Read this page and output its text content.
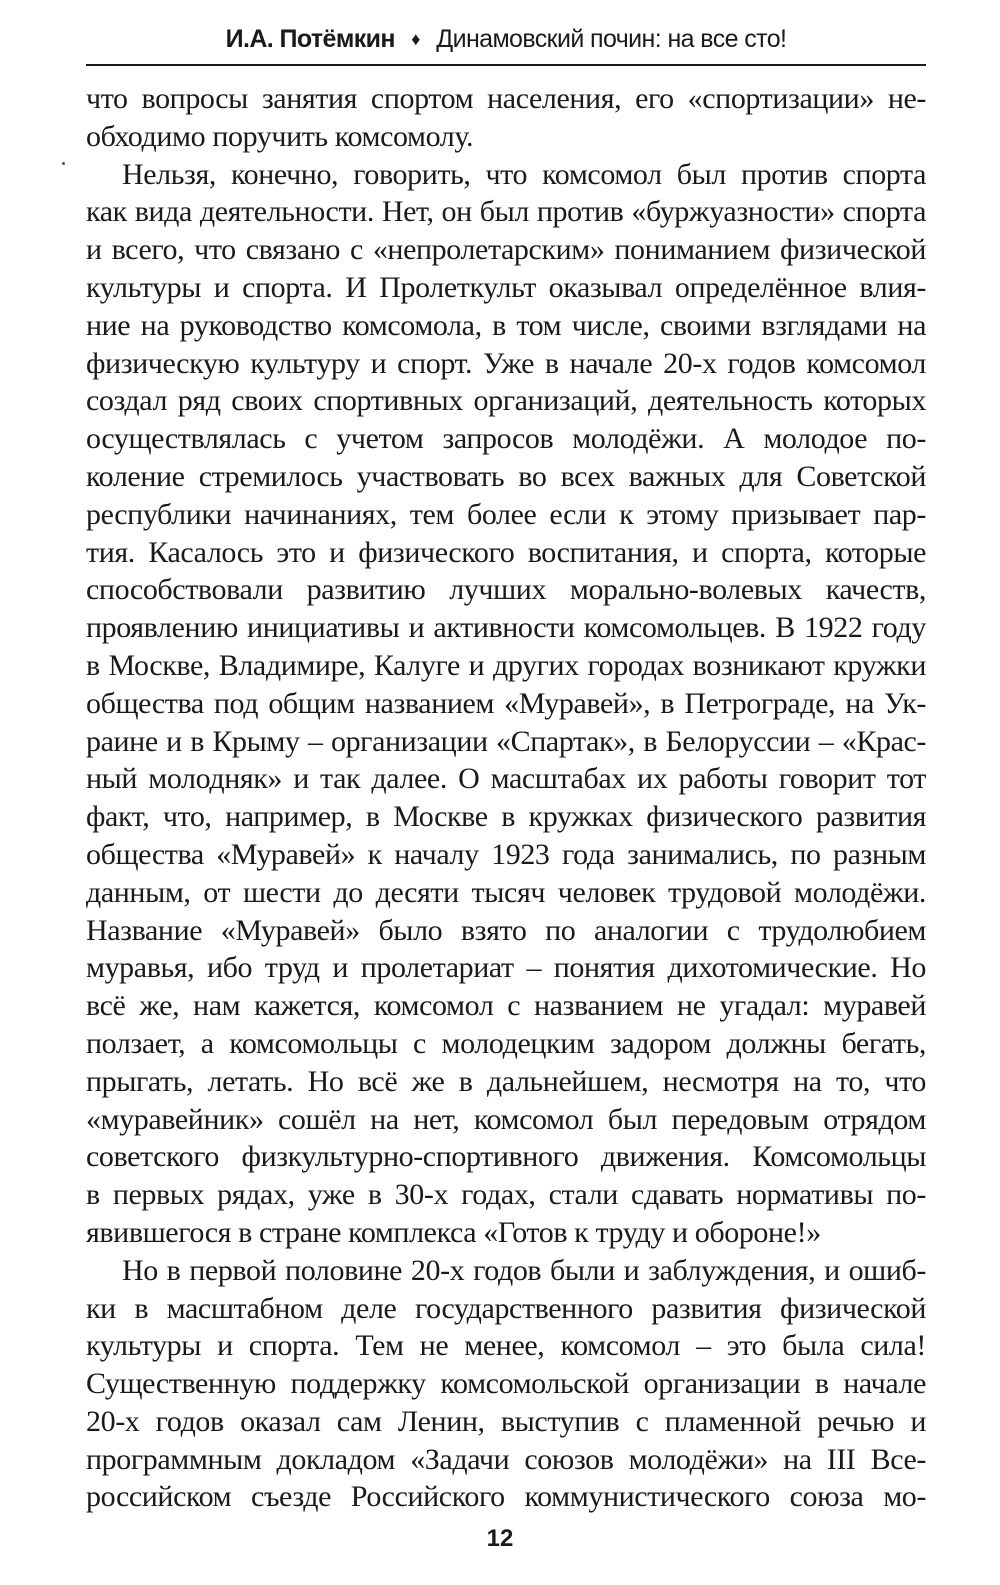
И.А. Потёмкин ♦ Динамовский почин: на все сто!
что вопросы занятия спортом населения, его «спортизации» не-
обходимо поручить комсомолу.
Нельзя, конечно, говорить, что комсомол был против спорта
как вида деятельности. Нет, он был против «буржуазности» спорта
и всего, что связано с «непролетарским» пониманием физической
культуры и спорта. И Пролеткульт оказывал определённое влия-
ние на руководство комсомола, в том числе, своими взглядами на
физическую культуру и спорт. Уже в начале 20-х годов комсомол
создал ряд своих спортивных организаций, деятельность которых
осуществлялась с учетом запросов молодёжи. А молодое по-
коление стремилось участвовать во всех важных для Советской
республики начинаниях, тем более если к этому призывает пар-
тия. Касалось это и физического воспитания, и спорта, которые
способствовали развитию лучших морально-волевых качеств,
проявлению инициативы и активности комсомольцев. В 1922 году
в Москве, Владимире, Калуге и других городах возникают кружки
общества под общим названием «Муравей», в Петрограде, на Ук-
раине и в Крыму – организации «Спартак», в Белоруссии – «Крас-
ный молодняк» и так далее. О масштабах их работы говорит тот
факт, что, например, в Москве в кружках физического развития
общества «Муравей» к началу 1923 года занимались, по разным
данным, от шести до десяти тысяч человек трудовой молодёжи.
Название «Муравей» было взято по аналогии с трудолюбием
муравья, ибо труд и пролетариат – понятия дихотомические. Но
всё же, нам кажется, комсомол с названием не угадал: муравей
ползает, а комсомольцы с молодецким задором должны бегать,
прыгать, летать. Но всё же в дальнейшем, несмотря на то, что
«муравейник» сошёл на нет, комсомол был передовым отрядом
советского физкультурно-спортивного движения. Комсомольцы
в первых рядах, уже в 30-х годах, стали сдавать нормативы по-
явившегося в стране комплекса «Готов к труду и обороне!»
Но в первой половине 20-х годов были и заблуждения, и ошиб-
ки в масштабном деле государственного развития физической
культуры и спорта. Тем не менее, комсомол – это была сила!
Существенную поддержку комсомольской организации в начале
20-х годов оказал сам Ленин, выступив с пламенной речью и
программным докладом «Задачи союзов молодёжи» на III Все-
российском съезде Российского коммунистического союза мо-
12
